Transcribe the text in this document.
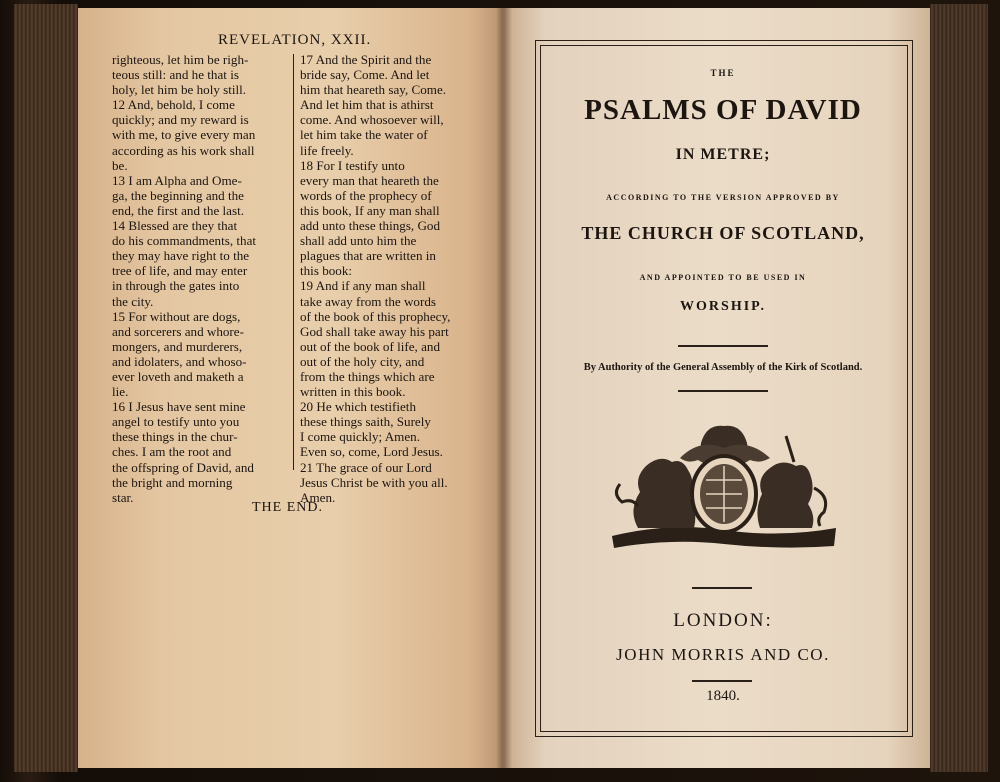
REVELATION, XXII.
righteous, let him be righ-
teous still: and he that is
holy, let him be holy still.
12 And, behold, I come
quickly; and my reward is
with me, to give every man
according as his work shall
be.
13 I am Alpha and Ome-
ga, the beginning and the
end, the first and the last.
14 Blessed are they that
do his commandments, that
they may have right to the
tree of life, and may enter
in through the gates into
the city.
15 For without are dogs,
and sorcerers and whore-
mongers, and murderers,
and idolaters, and whoso-
ever loveth and maketh a
lie.
16 I Jesus have sent mine
angel to testify unto you
these things in the chur-
ches. I am the root and
the offspring of David, and
the bright and morning
star.
17 And the Spirit and the
bride say, Come. And let
him that heareth say, Come.
And let him that is athirst
come. And whosoever will,
let him take the water of
life freely.
18 For I testify unto
every man that heareth the
words of the prophecy of
this book, If any man shall
add unto these things, God
shall add unto him the
plagues that are written in
this book:
19 And if any man shall
take away from the words
of the book of this prophecy,
God shall take away his part
out of the book of life, and
out of the holy city, and
from the things which are
written in this book.
20 He which testifieth
these things saith, Surely
I come quickly; Amen.
Even so, come, Lord Jesus.
21 The grace of our Lord
Jesus Christ be with you all.
Amen.
THE END.
THE
PSALMS OF DAVID
IN METRE;
ACCORDING TO THE VERSION APPROVED BY
THE CHURCH OF SCOTLAND,
AND APPOINTED TO BE USED IN
WORSHIP.
By Authority of the General Assembly of the Kirk of Scotland.
LONDON:
JOHN MORRIS AND CO.
1840.
